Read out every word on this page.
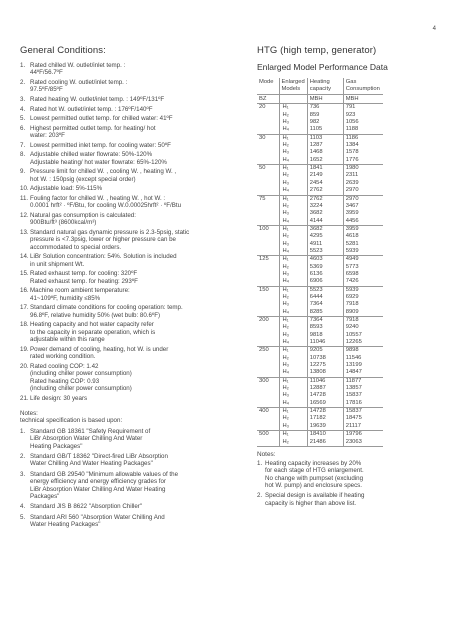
4
General Conditions:
1. Rated chilled W. outlet/inlet temp. :
44ºF/56.7ºF
2. Rated cooling W. outlet/inlet temp. :
97.5ºF/85ºF
3. Rated heating W. outlet/inlet temp. : 149ºF/131ºF
4. Rated hot W. outlet/inlet temp. : 176ºF/140ºF
5. Lowest permitted outlet temp. for chilled water: 41ºF
6. Highest permitted outlet temp. for heating/ hot
water: 203ºF
7. Lowest permitted inlet temp. for cooling water: 50ºF
8. Adjustable chilled water flowrate: 50%-120%
Adjustable heating/ hot water flowrate: 65%-120%
9. Pressure limit for chilled W. , cooling W. , heating W. ,
hot W. : 150psig (except special order)
10. Adjustable load: 5%-115%
11. Fouling factor for chilled W. , heating W. , hot W. :
0.0001 hrft² · ºF/Btu, for cooling W.0.00025hrft² · ºF/Btu
12. Natural gas consumption is calculated:
900Btu/ft³ (8600kcal/m³)
13. Standard natural gas dynamic pressure is 2.3-5psig, static
pressure is <7.3psig, lower or higher pressure can be
accommodated to special orders.
14. LiBr Solution concentration: 54%. Solution is included
in unit shipment Wt.
15. Rated exhaust temp. for cooling: 320ºF
Rated exhaust temp. for heating: 293ºF
16. Machine room ambient temperature:
41~109ºF, humidity ≤85%
17. Standard climate conditions for cooling operation: temp.
96.8ºF, relative humidity 50% (wet bulb: 80.6ºF)
18. Heating capacity and hot water capacity refer
to the capacity in separate operation, which is
adjustable within this range
19. Power demand of cooling, heating, hot W. is under
rated working condition.
20. Rated cooling COP: 1.42
(including chiller power consumption)
Rated heating COP: 0.93
(including chiller power consumption)
21. Life design: 30 years
Notes:
technical specification is based upon:
1. Standard GB 18361 "Safety Requirement of
LiBr Absorption Water Chilling And Water
Heating Packages"
2. Standard GB/T 18362 "Direct-fired LiBr Absorption
Water Chilling And Water Heating Packages"
3. Standard GB 29540 "Minimum allowable values of the
energy efficiency and energy efficiency grades for
LiBr Absorption Water Chilling And Water Heating
Packages"
4. Standard JIS B 8622 "Absorption Chiller"
5. Standard ARI 560 "Absorption Water Chilling And
Water Heating Packages"
HTG (high temp, generator)
Enlarged Model Performance Data
Mode	Enlarged
Models	Heating
capacity	Gas
Consumption
BZ		MBH	MBH
20	H₁	736	791
	H₂	859	923
	H₃	982	1056
	H₄	1105	1188
30	H₁	1103	1186
	H₂	1287	1384
	H₃	1468	1578
	H₄	1652	1776
50	H₁	1841	1980
	H₂	2149	2311
	H₃	2454	2639
	H₄	2762	2970
75	H₁	2762	2970
	H₂	3224	3467
	H₃	3682	3959
	H₄	4144	4456
100	H₁	3682	3959
	H₂	4295	4618
	H₃	4911	5281
	H₄	5523	5939
125	H₁	4603	4949
	H₂	5369	5773
	H₃	6136	6598
	H₄	6906	7426
150	H₁	5523	5939
	H₂	6444	6929
	H₃	7364	7918
	H₄	8285	8909
200	H₁	7364	7918
	H₂	8593	9240
	H₃	9818	10557
	H₄	11046	12265
250	H₁	9205	9898
	H₂	10738	11546
	H₃	12275	13199
	H₄	13808	14847
300	H₁	11046	11877
	H₂	12887	13857
	H₃	14728	15837
	H₄	16569	17816
400	H₁	14728	15837
	H₂	17182	18475
	H₃	19639	21117
500	H₁	18410	19796
	H₂	21486	23063
Notes:
1. Heating capacity increases by 20%
for each stage of HTG enlargement.
No change with pumpset (excluding
hot W. pump) and enclosure specs.
2. Special design is available if heating
capacity is higher than above list.
